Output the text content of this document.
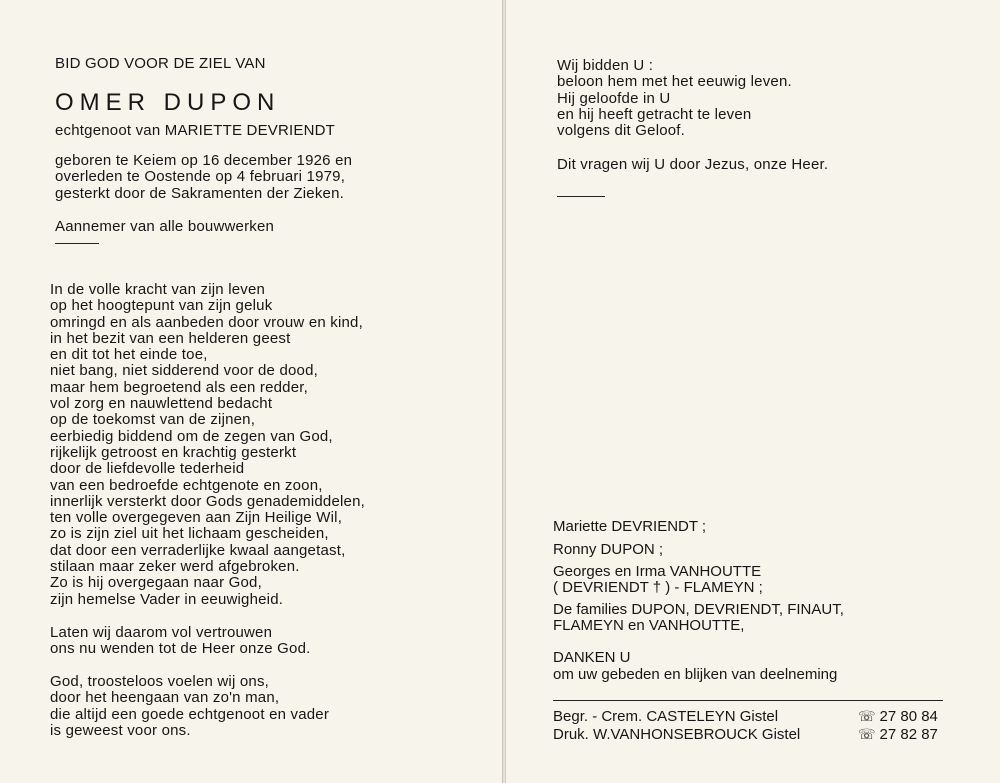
BID GOD VOOR DE ZIEL VAN
OMER DUPON
echtgenoot van MARIETTE DEVRIENDT
geboren te Keiem op 16 december 1926 en
overleden te Oostende op 4 februari 1979,
gesterkt door de Sakramenten der Zieken.
Aannemer van alle bouwwerken
In de volle kracht van zijn leven
op het hoogtepunt van zijn geluk
omringd en als aanbeden door vrouw en kind,
in het bezit van een helderen geest
en dit tot het einde toe,
niet bang, niet sidderend voor de dood,
maar hem begroetend als een redder,
vol zorg en nauwlettend bedacht
op de toekomst van de zijnen,
eerbiedig biddend om de zegen van God,
rijkelijk getroost en krachtig gesterkt
door de liefdevolle tederheid
van een bedroefde echtgenote en zoon,
innerlijk versterkt door Gods genademiddelen,
ten volle overgegeven aan Zijn Heilige Wil,
zo is zijn ziel uit het lichaam gescheiden,
dat door een verraderlijke kwaal aangetast,
stilaan maar zeker werd afgebroken.
Zo is hij overgegaan naar God,
zijn hemelse Vader in eeuwigheid.
Laten wij daarom vol vertrouwen
ons nu wenden tot de Heer onze God.
God, troosteloos voelen wij ons,
door het heengaan van zo'n man,
die altijd een goede echtgenoot en vader
is geweest voor ons.
Wij bidden U :
beloon hem met het eeuwig leven.
Hij geloofde in U
en hij heeft getracht te leven
volgens dit Geloof.
Dit vragen wij U door Jezus, onze Heer.
Mariette DEVRIENDT ;
Ronny DUPON ;
Georges en Irma VANHOUTTE
( DEVRIENDT † ) - FLAMEYN ;
De families DUPON, DEVRIENDT, FINAUT,
FLAMEYN en VANHOUTTE,
DANKEN U
om uw gebeden en blijken van deelneming
Begr. - Crem. CASTELEYN Gistel	☏ 27 80 84
Druk. W.VANHONSEBROUCK Gistel	☏ 27 82 87
